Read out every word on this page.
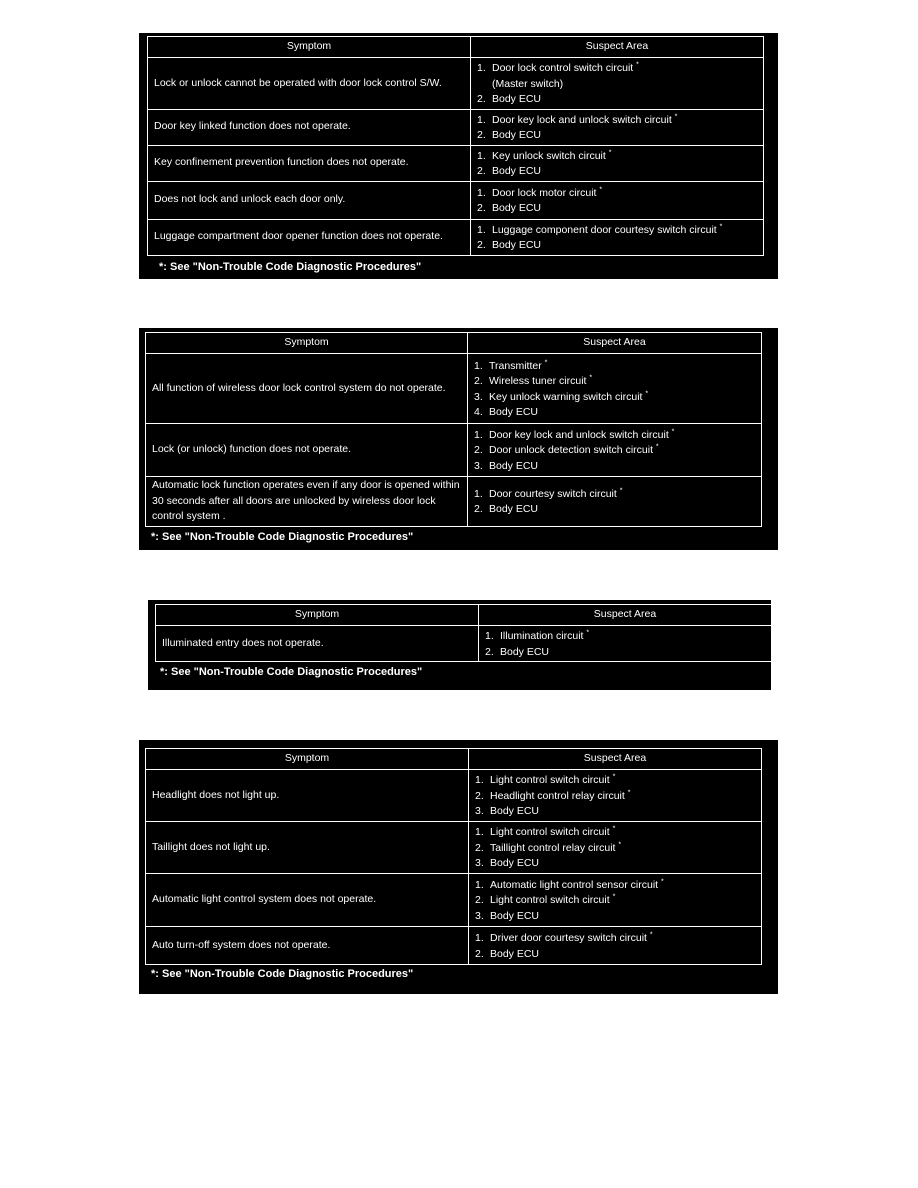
Symptom	Suspect Area
Lock or unlock cannot be operated with door lock control S/W.	1. Door lock control switch circuit *
(Master switch)
2. Body ECU

Door key linked function does not operate.	1. Door key lock and unlock switch circuit *
2. Body ECU

Key confinement prevention function does not operate.	1. Key unlock switch circuit *
2. Body ECU

Does not lock and unlock each door only.	1. Door lock motor circuit *
2. Body ECU

Luggage compartment door opener function does not operate.	1. Luggage component door courtesy switch circuit *
2. Body ECU
*: See "Non-Trouble Code Diagnostic Procedures"
Symptom	Suspect Area
All function of wireless door lock control system do not operate.	1. Transmitter *
2. Wireless tuner circuit *
3. Key unlock warning switch circuit *
4. Body ECU

Lock (or unlock) function does not operate.	1. Door key lock and unlock switch circuit *
2. Door unlock detection switch circuit *
3. Body ECU

Automatic lock function operates even if any door is opened within 30 seconds after all doors are unlocked by wireless door lock control system .	1. Door courtesy switch circuit *
2. Body ECU
*: See "Non-Trouble Code Diagnostic Procedures"
Symptom	Suspect Area
Illuminated entry does not operate.	1. Illumination circuit *
2. Body ECU
*: See "Non-Trouble Code Diagnostic Procedures"
Symptom	Suspect Area
Headlight does not light up.	1. Light control switch circuit *
2. Headlight control relay circuit *
3. Body ECU

Taillight does not light up.	1. Light control switch circuit *
2. Taillight control relay circuit *
3. Body ECU

Automatic light control system does not operate.	1. Automatic light control sensor circuit *
2. Light control switch circuit *
3. Body ECU

Auto turn-off system does not operate.	1. Driver door courtesy switch circuit *
2. Body ECU
*: See "Non-Trouble Code Diagnostic Procedures"
